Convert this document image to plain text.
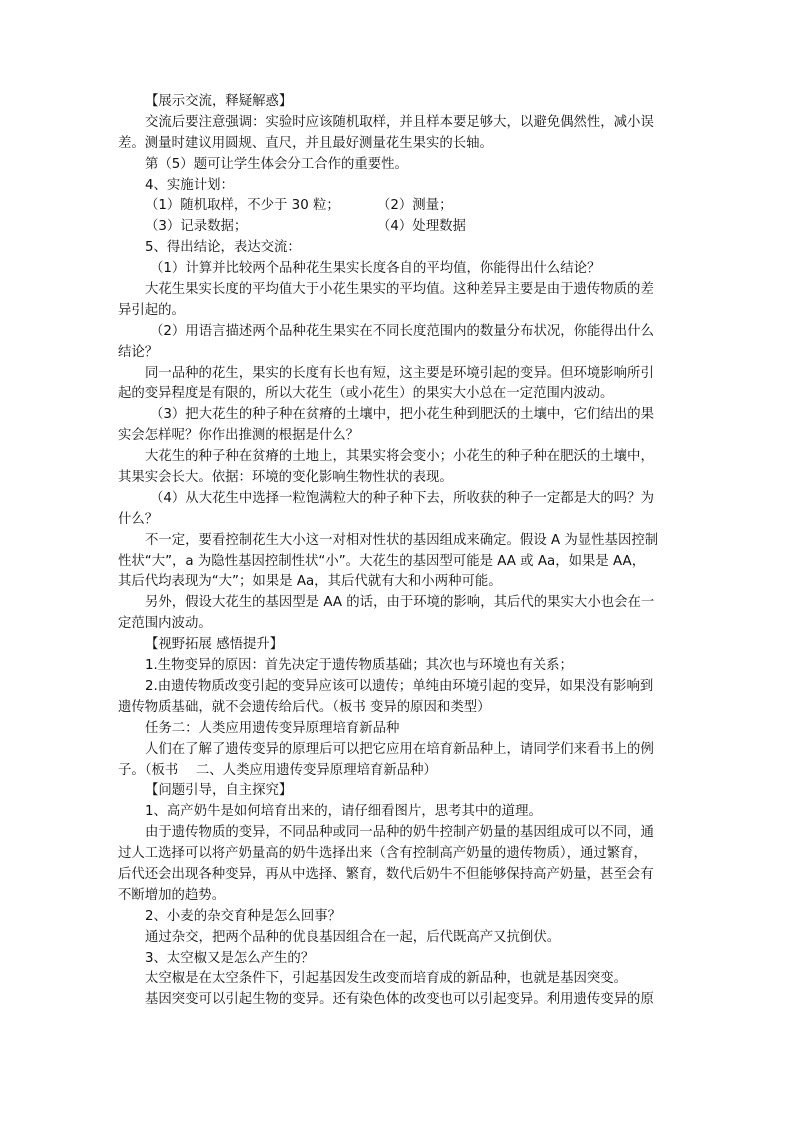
【展示交流，释疑解惑】
交流后要注意强调：实验时应该随机取样，并且样本要足够大，以避免偶然性，减小误
差。测量时建议用圆规、直尺，并且最好测量花生果实的长轴。
第（5）题可让学生体会分工合作的重要性。
4、实施计划：
（1）随机取样，不少于 30 粒；	（2）测量；
（3）记录数据；	（4）处理数据
5、得出结论，表达交流：
（1）计算并比较两个品种花生果实长度各自的平均值，你能得出什么结论？
大花生果实长度的平均值大于小花生果实的平均值。这种差异主要是由于遗传物质的差
异引起的。
（2）用语言描述两个品种花生果实在不同长度范围内的数量分布状况，你能得出什么
结论？
同一品种的花生，果实的长度有长也有短，这主要是环境引起的变异。但环境影响所引
起的变异程度是有限的，所以大花生（或小花生）的果实大小总在一定范围内波动。
（3）把大花生的种子种在贫瘠的土壤中，把小花生种到肥沃的土壤中，它们结出的果
实会怎样呢？你作出推测的根据是什么？
大花生的种子种在贫瘠的土地上，其果实将会变小；小花生的种子种在肥沃的土壤中，
其果实会长大。依据：环境的变化影响生物性状的表现。
（4）从大花生中选择一粒饱满粒大的种子种下去，所收获的种子一定都是大的吗？为
什么？
不一定，要看控制花生大小这一对相对性状的基因组成来确定。假设 A 为显性基因控制
性状“大”，a 为隐性基因控制性状“小”。大花生的基因型可能是 AA 或 Aa，如果是 AA，
其后代均表现为“大”；如果是 Aa，其后代就有大和小两种可能。
另外，假设大花生的基因型是 AA 的话，由于环境的影响，其后代的果实大小也会在一
定范围内波动。
【视野拓展 感悟提升】
1.生物变异的原因：首先决定于遗传物质基础；其次也与环境也有关系；
2.由遗传物质改变引起的变异应该可以遗传；单纯由环境引起的变异，如果没有影响到
遗传物质基础，就不会遗传给后代。（板书 变异的原因和类型）
任务二：人类应用遗传变异原理培育新品种
人们在了解了遗传变异的原理后可以把它应用在培育新品种上，请同学们来看书上的例
子。（板书　 二、人类应用遗传变异原理培育新品种）
【问题引导，自主探究】
1、高产奶牛是如何培育出来的，请仔细看图片，思考其中的道理。
由于遗传物质的变异，不同品种或同一品种的奶牛控制产奶量的基因组成可以不同，通
过人工选择可以将产奶量高的奶牛选择出来（含有控制高产奶量的遗传物质），通过繁育，
后代还会出现各种变异，再从中选择、繁育，数代后奶牛不但能够保持高产奶量，甚至会有
不断增加的趋势。
2、小麦的杂交育种是怎么回事？
通过杂交，把两个品种的优良基因组合在一起，后代既高产又抗倒伏。
3、太空椒又是怎么产生的？
太空椒是在太空条件下，引起基因发生改变而培育成的新品种，也就是基因突变。
基因突变可以引起生物的变异。还有染色体的改变也可以引起变异。利用遗传变异的原
